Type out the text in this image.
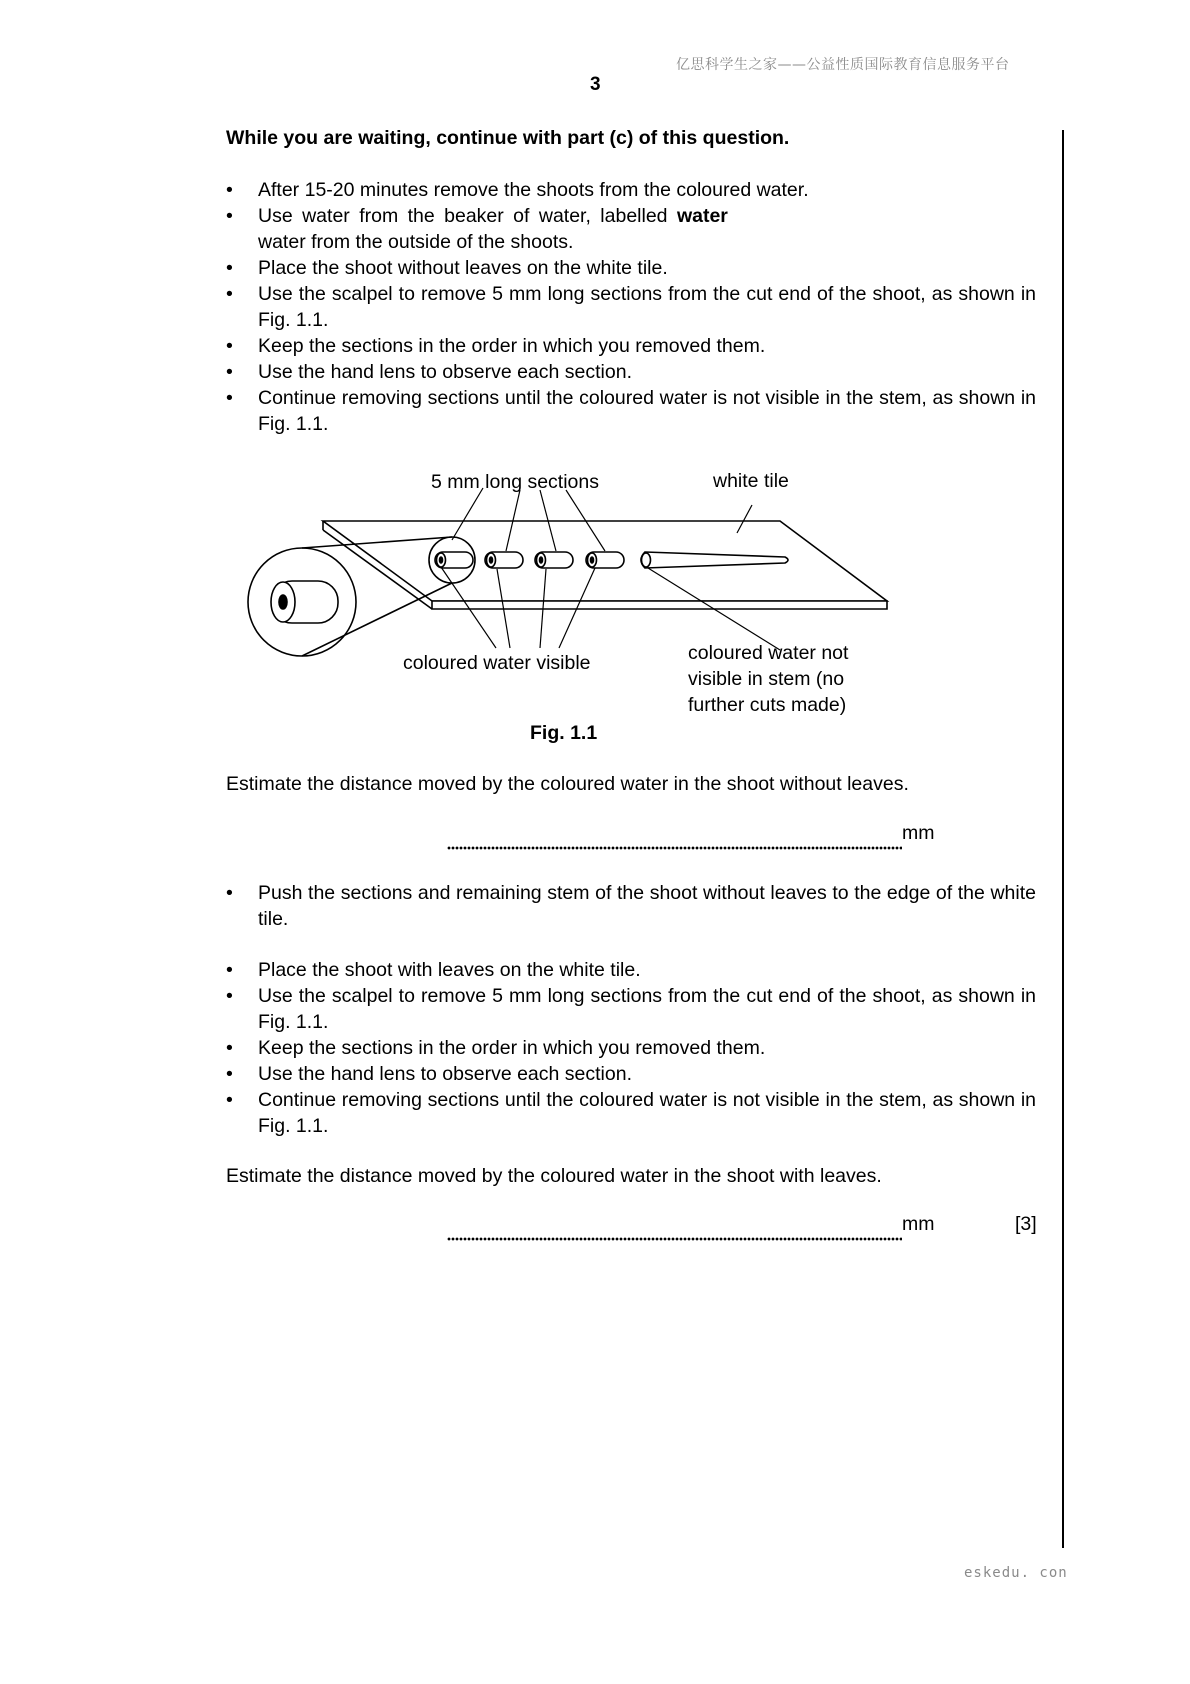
亿思科学生之家——公益性质国际教育信息服务平台
3
While you are waiting, continue with part (c) of this question.
• After 15-20 minutes remove the shoots from the coloured water.
• Use water from the beaker of water, labelled water
water from the outside of the shoots.
• Place the shoot without leaves on the white tile.
• Use the scalpel to remove 5 mm long sections from the cut end of the shoot, as shown in Fig. 1.1.
• Keep the sections in the order in which you removed them.
• Use the hand lens to observe each section.
• Continue removing sections until the coloured water is not visible in the stem, as shown in Fig. 1.1.
5 mm long sections	white tile
coloured water visible	coloured water not
visible in stem (no
further cuts made)
Fig. 1.1
Estimate the distance moved by the coloured water in the shoot without leaves.
mm
• Push the sections and remaining stem of the shoot without leaves to the edge of the white tile.
• Place the shoot with leaves on the white tile.
• Use the scalpel to remove 5 mm long sections from the cut end of the shoot, as shown in Fig. 1.1.
• Keep the sections in the order in which you removed them.
• Use the hand lens to observe each section.
• Continue removing sections until the coloured water is not visible in the stem, as shown in Fig. 1.1.
Estimate the distance moved by the coloured water in the shoot with leaves.
mm	[3]
eskedu. con
